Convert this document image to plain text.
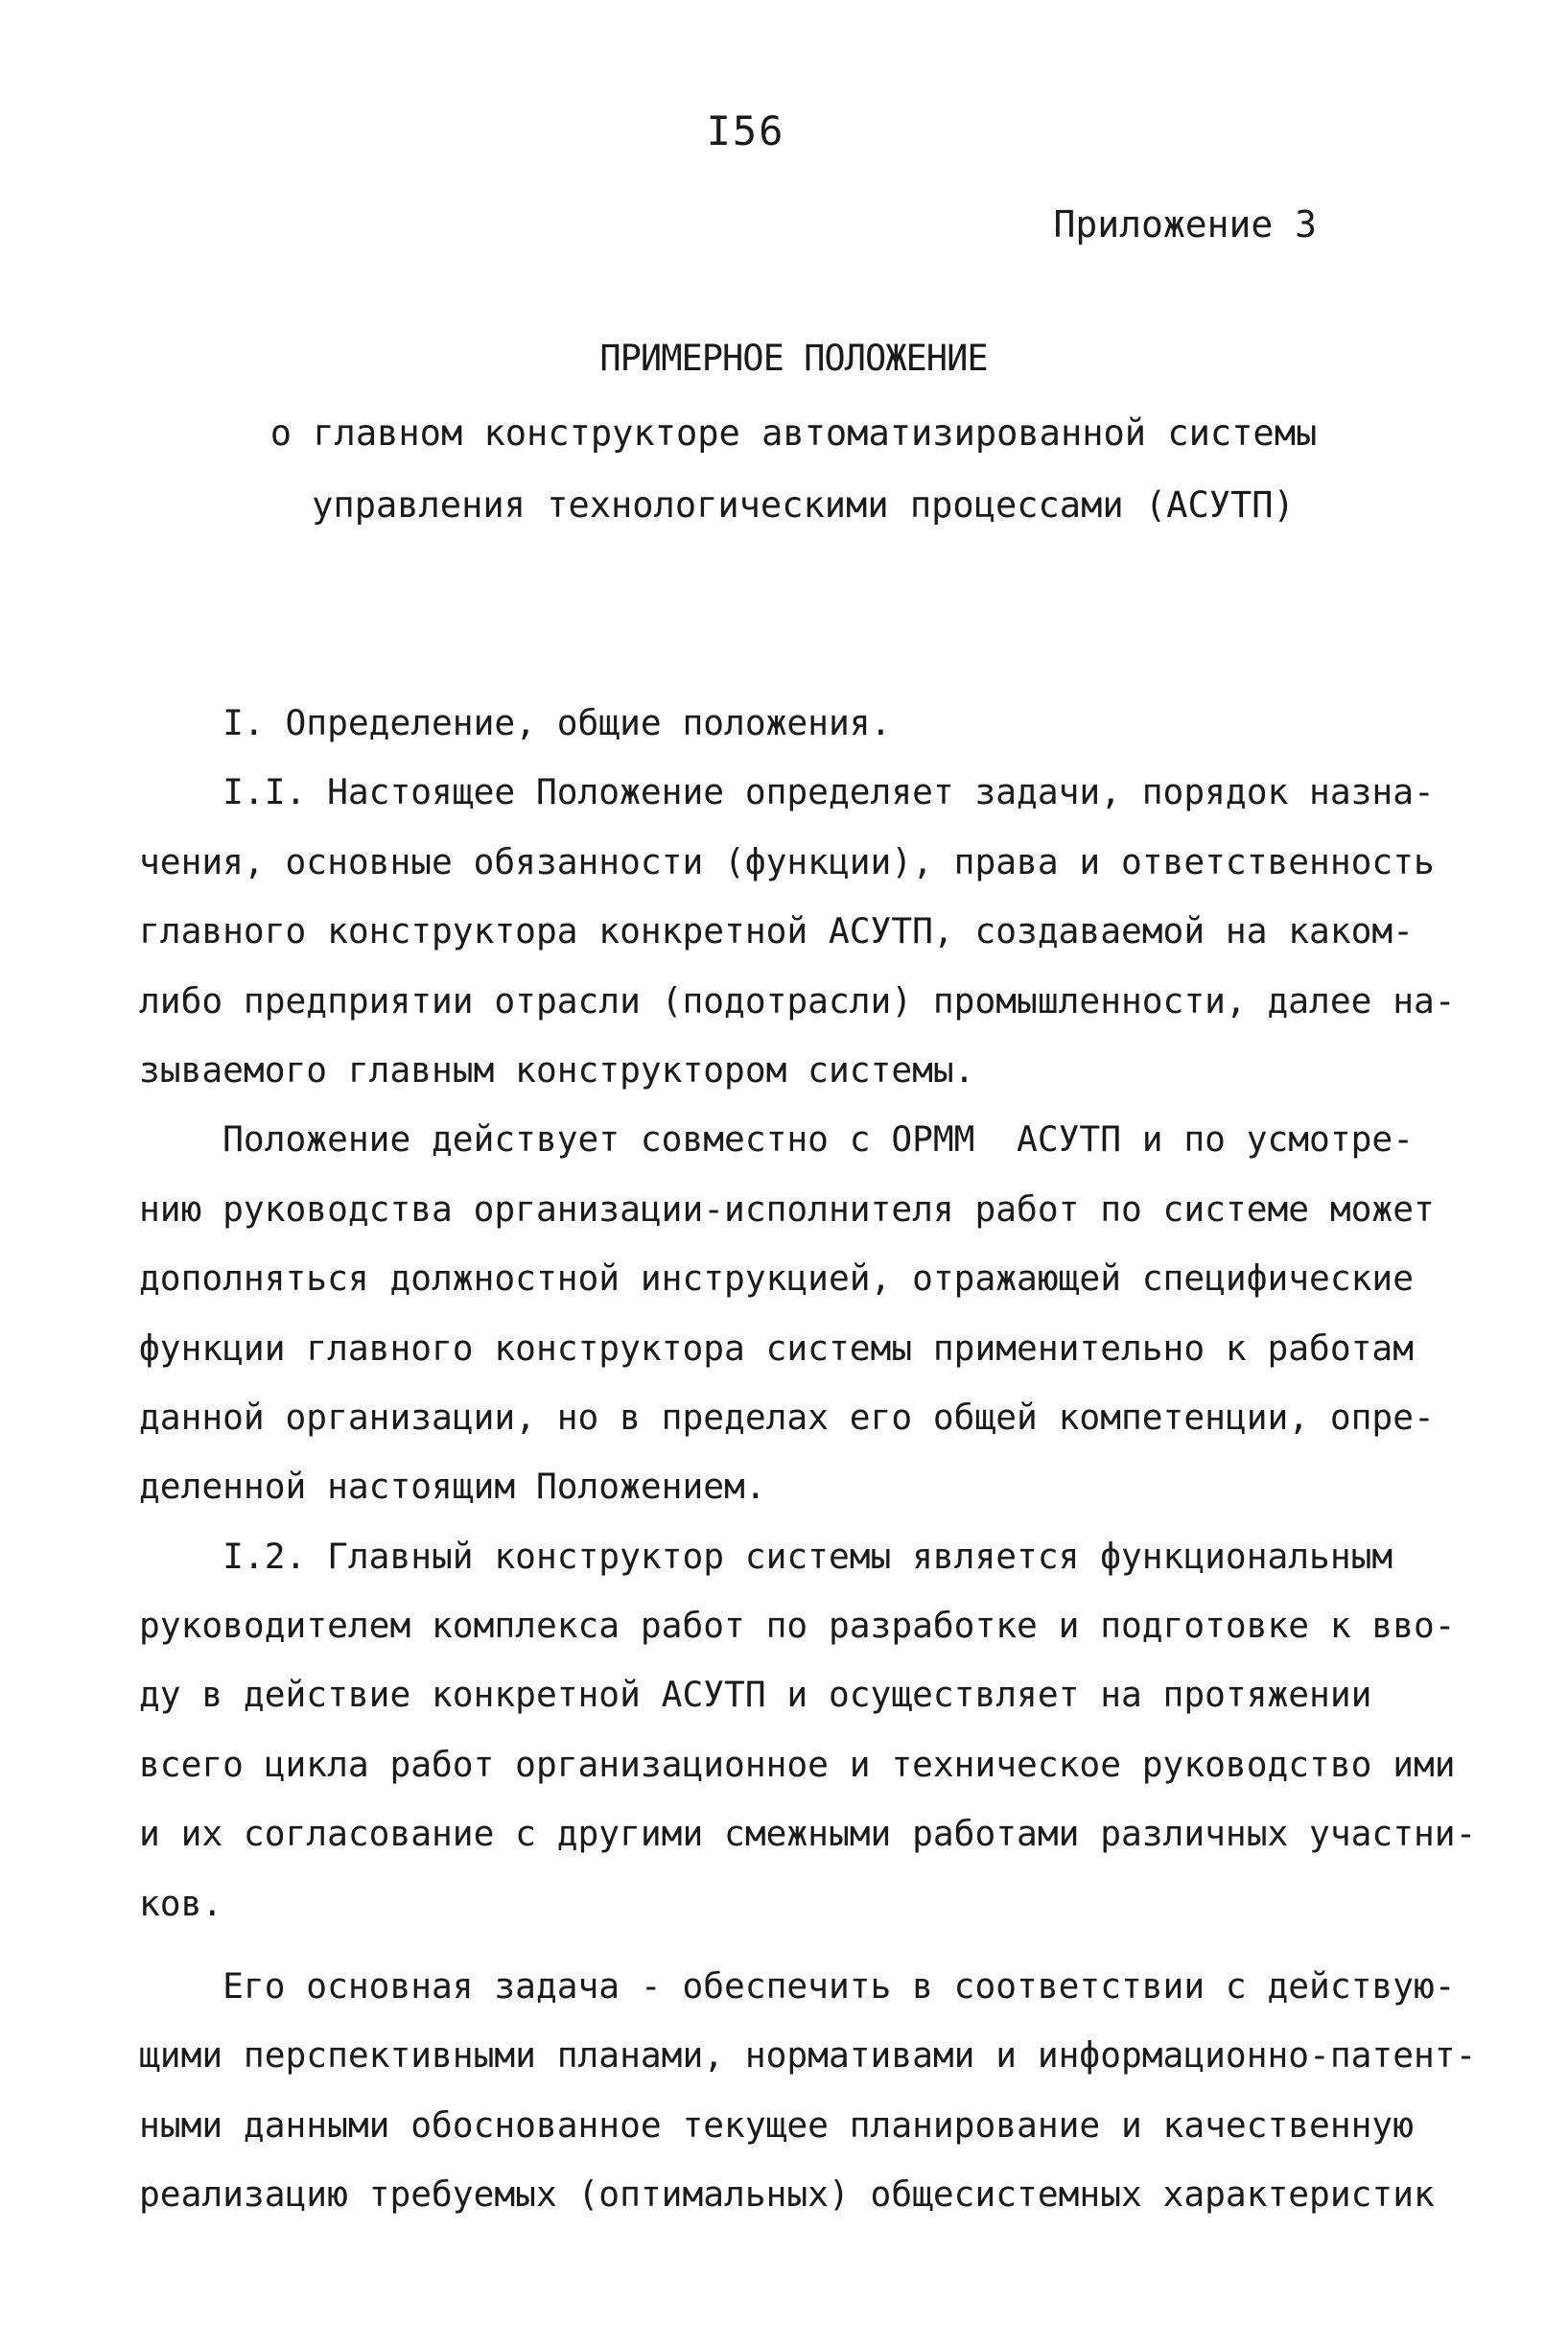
I56
Приложение 3
ПРИМЕРНОЕ ПОЛОЖЕНИЕ
о главном конструкторе автоматизированной системы
управления технологическими процессами (АСУТП)
I. Определение, общие положения.
I.I. Настоящее Положение определяет задачи, порядок назна-
чения, основные обязанности (функции), права и ответственность
главного конструктора конкретной АСУТП, создаваемой на каком-
либо предприятии отрасли (подотрасли) промышленности, далее на-
зываемого главным конструктором системы.
Положение действует совместно с ОРММ  АСУТП и по усмотре-
нию руководства организации-исполнителя работ по системе может
дополняться должностной инструкцией, отражающей специфические
функции главного конструктора системы применительно к работам
данной организации, но в пределах его общей компетенции, опре-
деленной настоящим Положением.
I.2. Главный конструктор системы является функциональным
руководителем комплекса работ по разработке и подготовке к вво-
ду в действие конкретной АСУТП и осуществляет на протяжении
всего цикла работ организационное и техническое руководство ими
и их согласование с другими смежными работами различных участни-
ков.
Его основная задача - обеспечить в соответствии с действую-
щими перспективными планами, нормативами и информационно-патент-
ными данными обоснованное текущее планирование и качественную
реализацию требуемых (оптимальных) общесистемных характеристик
